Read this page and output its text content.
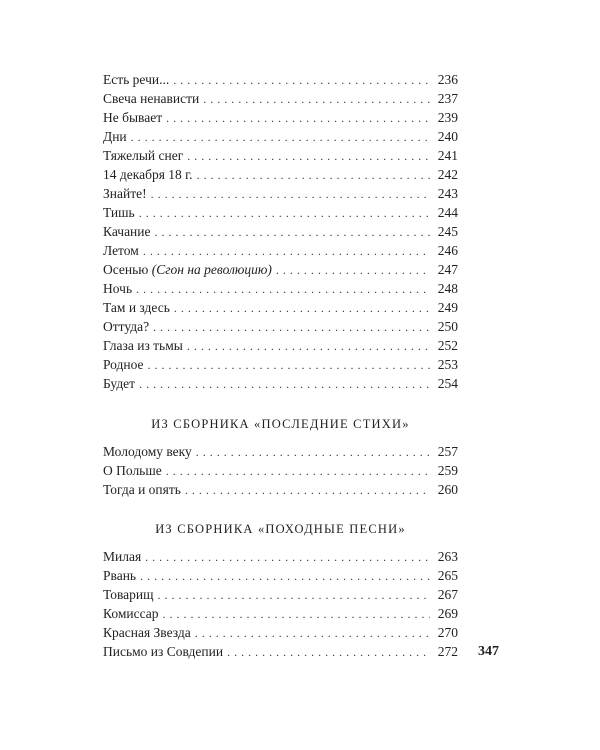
Есть речи... . . .	236
Свеча ненависти . . .	237
Не бывает . . .	239
Дни . . .	240
Тяжелый снег . . .	241
14 декабря 18 г. . . .	242
Знайте! . . .	243
Тишь . . .	244
Качание . . .	245
Летом . . .	246
Осенью (Сгон на революцию) . . .	247
Ночь . . .	248
Там и здесь . . .	249
Оттуда? . . .	250
Глаза из тьмы . . .	252
Родное . . .	253
Будет . . .	254
ИЗ СБОРНИКА «ПОСЛЕДНИЕ СТИХИ»
Молодому веку . . .	257
О Польше . . .	259
Тогда и опять . . .	260
ИЗ СБОРНИКА «ПОХОДНЫЕ ПЕСНИ»
Милая . . .	263
Рвань . . .	265
Товарищ . . .	267
Комиссар . . .	269
Красная Звезда . . .	270
Письмо из Совдепии . . .	272 347
